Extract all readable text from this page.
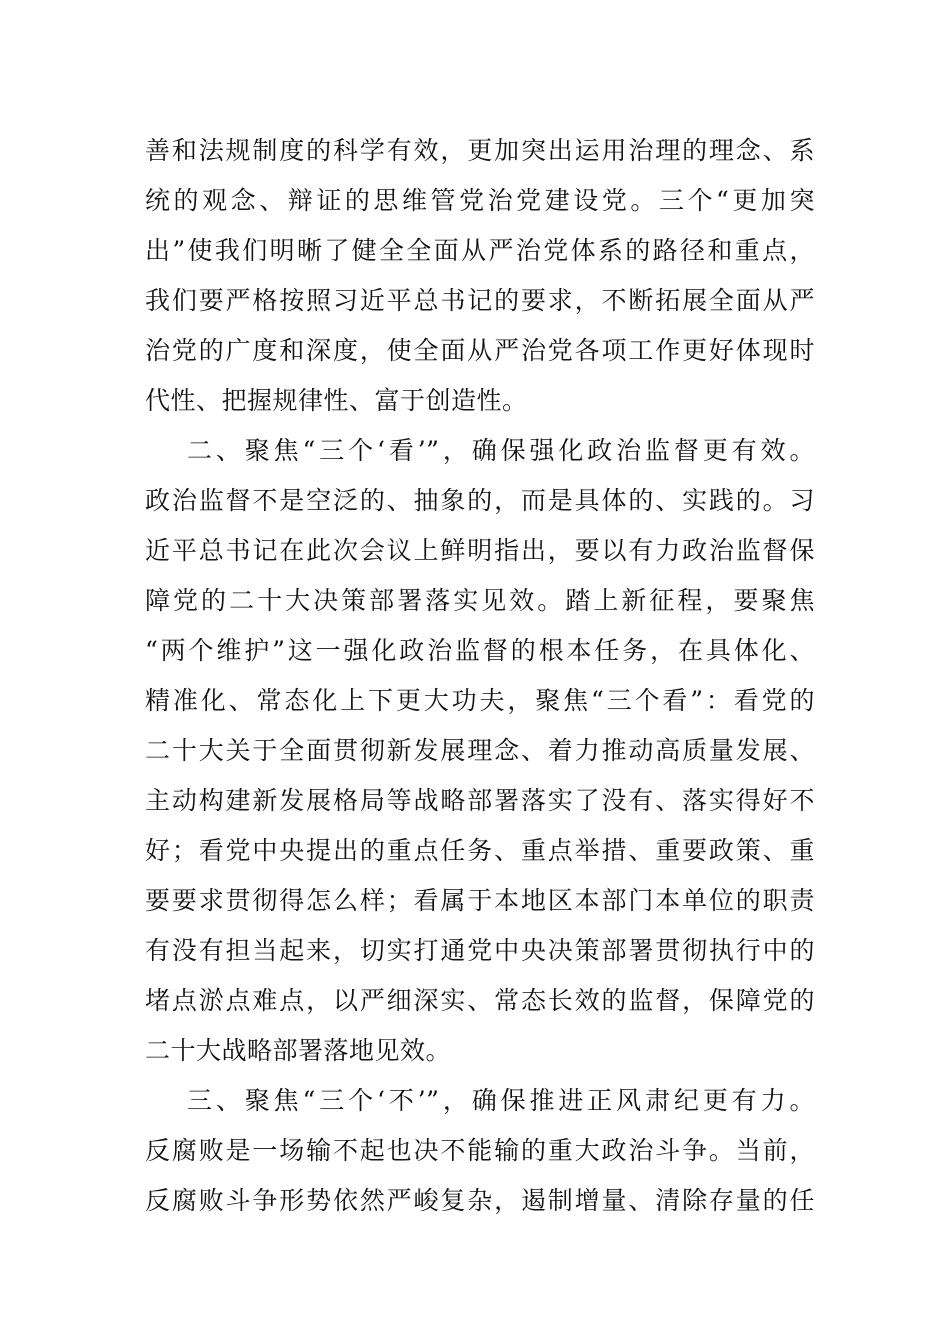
善和法规制度的科学有效，更加突出运用治理的理念、系
统的观念、辩证的思维管党治党建设党。三个“更加突
出”使我们明晰了健全全面从严治党体系的路径和重点，
我们要严格按照习近平总书记的要求，不断拓展全面从严
治党的广度和深度，使全面从严治党各项工作更好体现时
代性、把握规律性、富于创造性。
二、聚焦“三个‘看’”，确保强化政治监督更有效。
政治监督不是空泛的、抽象的，而是具体的、实践的。习
近平总书记在此次会议上鲜明指出，要以有力政治监督保
障党的二十大决策部署落实见效。踏上新征程，要聚焦
“两个维护”这一强化政治监督的根本任务，在具体化、
精准化、常态化上下更大功夫，聚焦“三个看”：看党的
二十大关于全面贯彻新发展理念、着力推动高质量发展、
主动构建新发展格局等战略部署落实了没有、落实得好不
好；看党中央提出的重点任务、重点举措、重要政策、重
要要求贯彻得怎么样；看属于本地区本部门本单位的职责
有没有担当起来，切实打通党中央决策部署贯彻执行中的
堵点淤点难点，以严细深实、常态长效的监督，保障党的
二十大战略部署落地见效。
三、聚焦“三个‘不’”，确保推进正风肃纪更有力。
反腐败是一场输不起也决不能输的重大政治斗争。当前，
反腐败斗争形势依然严峻复杂，遏制增量、清除存量的任
